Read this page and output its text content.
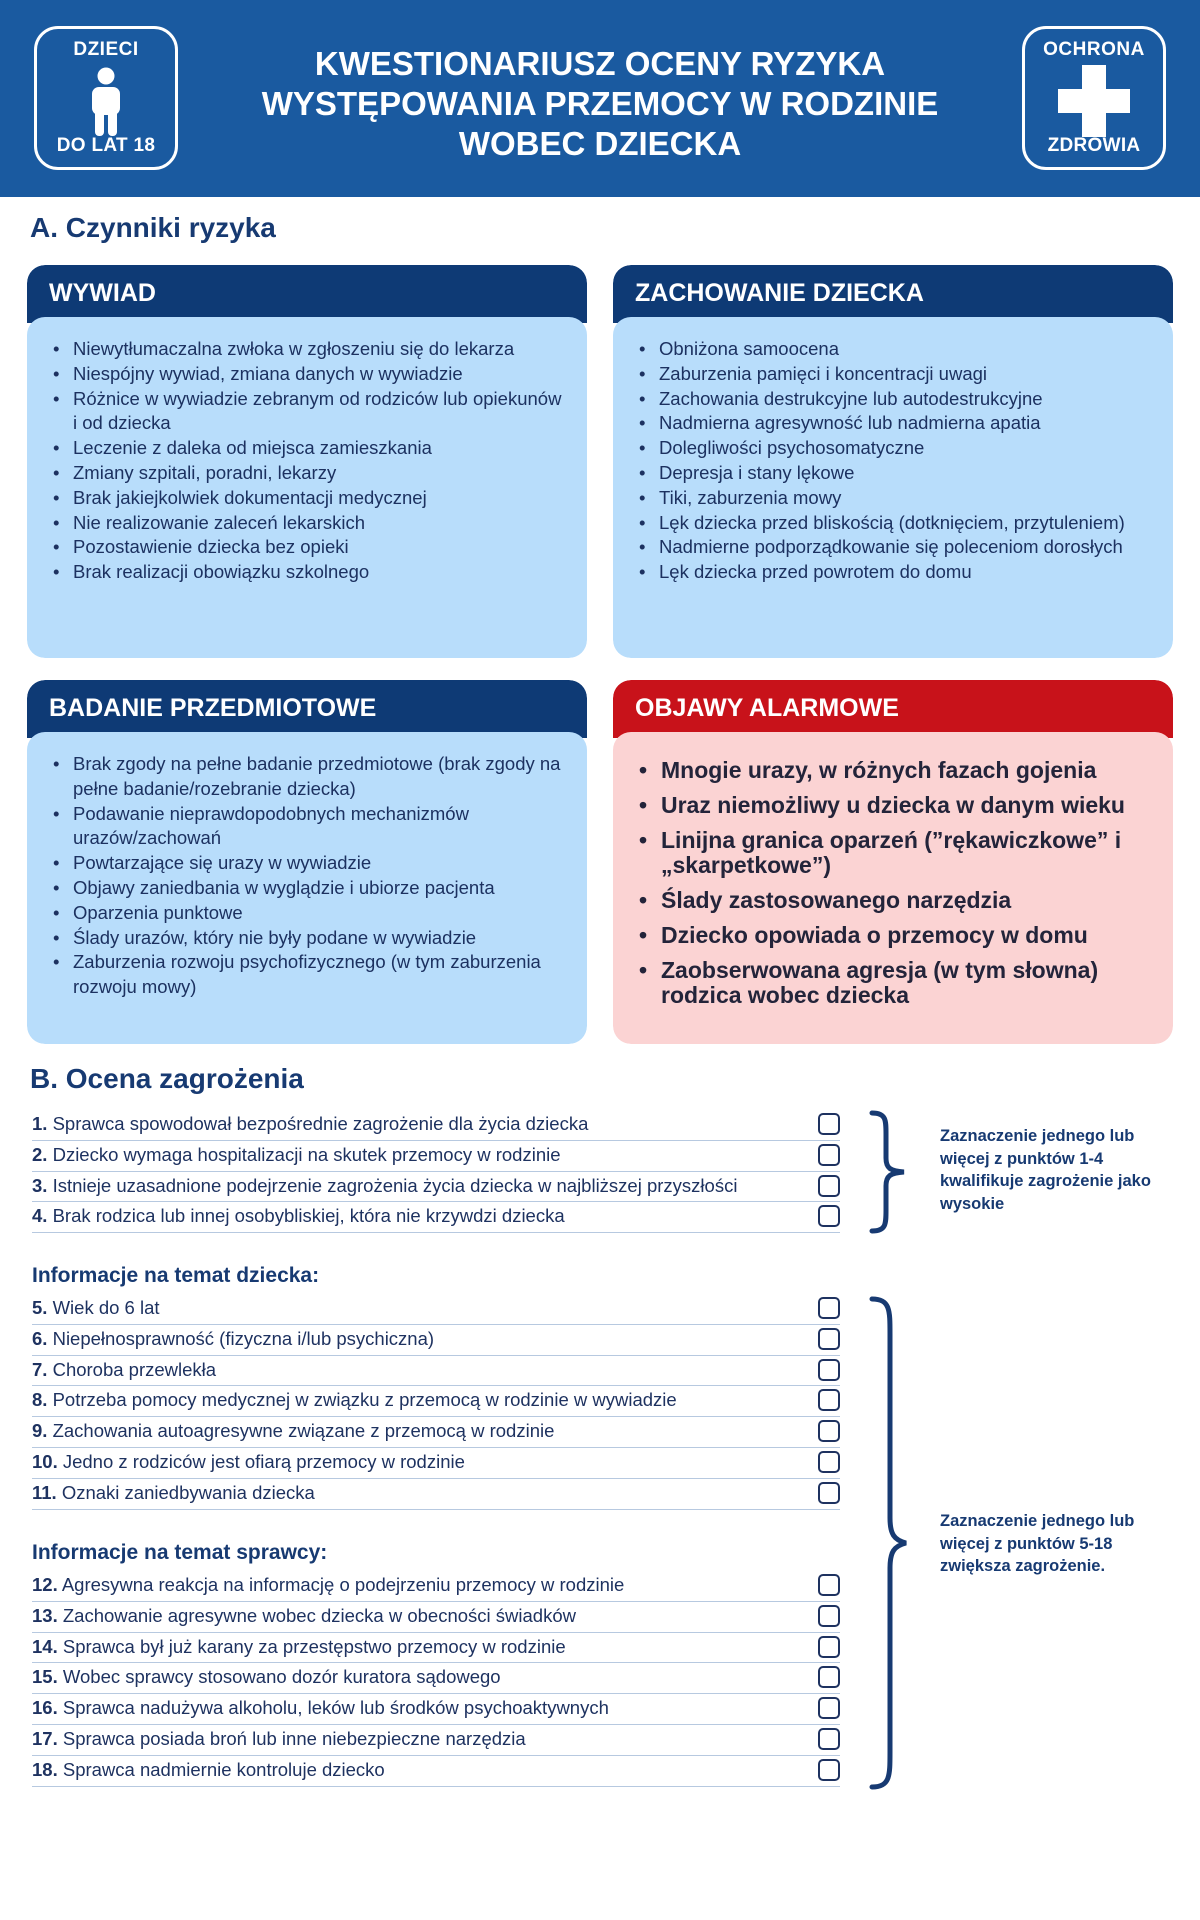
DZIECI
DO LAT 18
KWESTIONARIUSZ OCENY RYZYKA
WYSTĘPOWANIA PRZEMOCY W RODZINIE
WOBEC DZIECKA
OCHRONA
ZDROWIA
A. Czynniki ryzyka
WYWIAD
• Niewytłumaczalna zwłoka w zgłoszeniu się do lekarza
• Niespójny wywiad, zmiana danych w wywiadzie
• Różnice w wywiadzie zebranym od rodziców lub opiekunów i od dziecka
• Leczenie z daleka od miejsca zamieszkania
• Zmiany szpitali, poradni, lekarzy
• Brak jakiejkolwiek dokumentacji medycznej
• Nie realizowanie zaleceń lekarskich
• Pozostawienie dziecka bez opieki
• Brak realizacji obowiązku szkolnego
ZACHOWANIE DZIECKA
• Obniżona samoocena
• Zaburzenia pamięci i koncentracji uwagi
• Zachowania destrukcyjne lub autodestrukcyjne
• Nadmierna agresywność lub nadmierna apatia
• Dolegliwości psychosomatyczne
• Depresja i stany lękowe
• Tiki, zaburzenia mowy
• Lęk dziecka przed bliskością (dotknięciem, przytuleniem)
• Nadmierne podporządkowanie się poleceniom dorosłych
• Lęk dziecka przed powrotem do domu
BADANIE PRZEDMIOTOWE
• Brak zgody na pełne badanie przedmiotowe (brak zgody na pełne badanie/rozebranie dziecka)
• Podawanie nieprawdopodobnych mechanizmów urazów/zachowań
• Powtarzające się urazy w wywiadzie
• Objawy zaniedbania w wyglądzie i ubiorze pacjenta
• Oparzenia punktowe
• Ślady urazów, który nie były podane w wywiadzie
• Zaburzenia rozwoju psychofizycznego (w tym zaburzenia rozwoju mowy)
OBJAWY ALARMOWE
• Mnogie urazy, w różnych fazach gojenia
• Uraz niemożliwy u dziecka w danym wieku
• Linijna granica oparzeń (”rękawiczkowe” i „skarpetkowe”)
• Ślady zastosowanego narzędzia
• Dziecko opowiada o przemocy w domu
• Zaobserwowana agresja (w tym słowna) rodzica wobec dziecka
B. Ocena zagrożenia
1. Sprawca spowodował bezpośrednie zagrożenie dla życia dziecka
2. Dziecko wymaga hospitalizacji na skutek przemocy w rodzinie
3. Istnieje uzasadnione podejrzenie zagrożenia życia dziecka w najbliższej przyszłości
4. Brak rodzica lub innej osobybliskiej, która nie krzywdzi dziecka
Zaznaczenie jednego lub więcej z punktów 1-4 kwalifikuje zagrożenie jako wysokie
Informacje na temat dziecka:
5. Wiek do 6 lat
6. Niepełnosprawność (fizyczna i/lub psychiczna)
7. Choroba przewlekła
8. Potrzeba pomocy medycznej w związku z przemocą w rodzinie w wywiadzie
9. Zachowania autoagresywne związane z przemocą w rodzinie
10. Jedno z rodziców jest ofiarą przemocy w rodzinie
11. Oznaki zaniedbywania dziecka
Informacje na temat sprawcy:
12. Agresywna reakcja na informację o podejrzeniu przemocy w rodzinie
13. Zachowanie agresywne wobec dziecka w obecności świadków
14. Sprawca był już karany za przestępstwo przemocy w rodzinie
15. Wobec sprawcy stosowano dozór kuratora sądowego
16. Sprawca nadużywa alkoholu, leków lub środków psychoaktywnych
17. Sprawca posiada broń lub inne niebezpieczne narzędzia
18. Sprawca nadmiernie kontroluje dziecko
Zaznaczenie jednego lub więcej z punktów 5-18 zwiększa zagrożenie.
